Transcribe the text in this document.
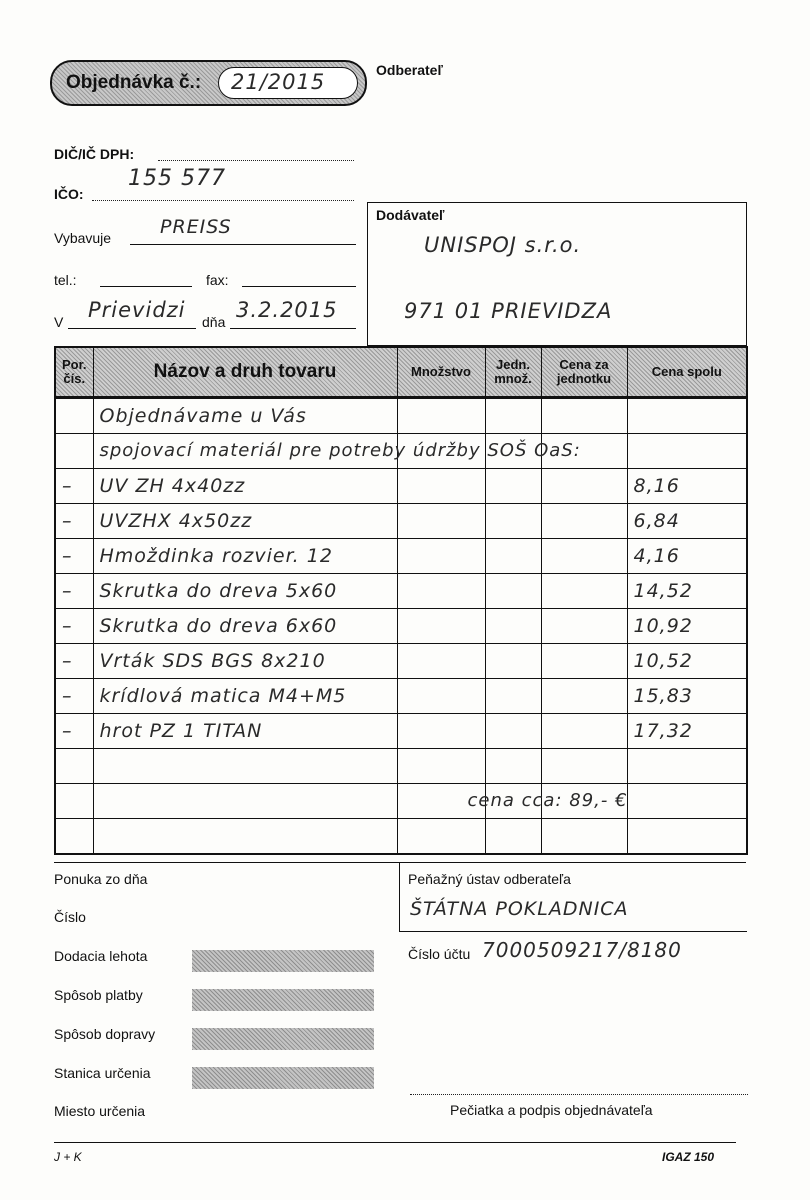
Objednávka č.: 21/2015	Odberateľ
DIČ/IČ DPH:
IČO:
155 577
Vybavuje	PREISS
tel.:	fax:
V Prievidzi dňa 3.2.2015
Dodávateľ
UNISPOJ s.r.o.
971 01 PRIEVIDZA
Por. čís.	Názov a druh tovaru	Množstvo	Jedn. množ.	Cena za jednotku	Cena spolu

	Objednávame u Vás				

	spojovací materiál pre potreby údržby SOŠ OaS:				

–	UV ZH 4x40zz				8,16

–	UVZHX 4x50zz				6,84

–	Hmoždinka rozvier. 12				4,16

–	Skrutka do dreva 5x60				14,52

–	Skrutka do dreva 6x60				10,92

–	Vrták SDS BGS 8x210				10,52

–	krídlová matica M4+M5				15,83

–	hrot PZ 1 TITAN				17,32

				cena cca: 89,- €	

Ponuka zo dňa
Číslo
Dodacia lehota
Spôsob platby
Spôsob dopravy
Stanica určenia
Miesto určenia
Peňažný ústav odberateľa
ŠTÁTNA POKLADNICA
Číslo účtu 7000509217/8180
Pečiatka a podpis objednávateľa
J + K	IGAZ 150
